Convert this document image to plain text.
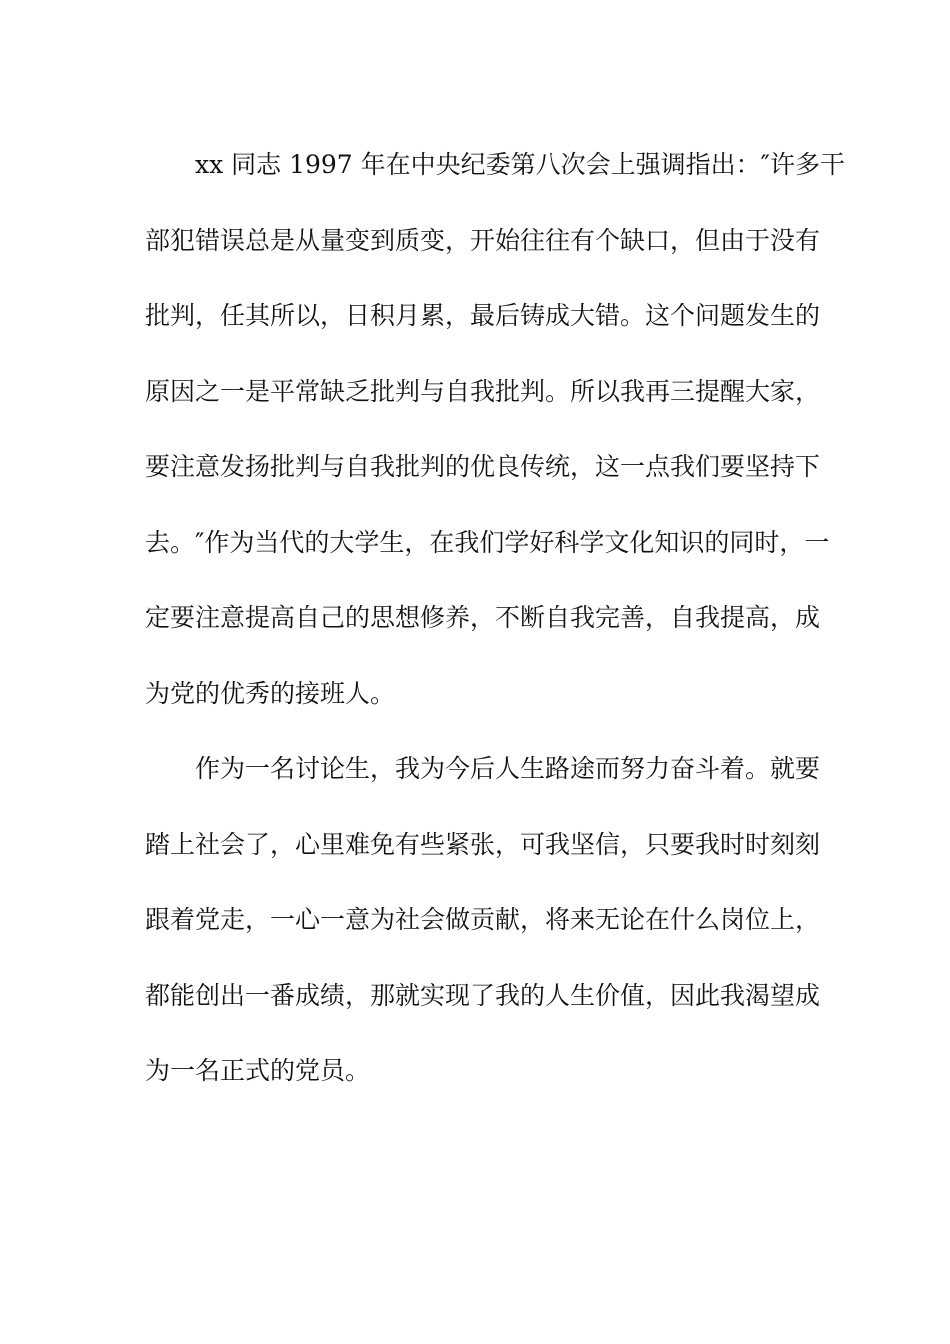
xx 同志 1997 年在中央纪委第八次会上强调指出：″许多干
部犯错误总是从量变到质变，开始往往有个缺口，但由于没有
批判，任其所以，日积月累，最后铸成大错。这个问题发生的
原因之一是平常缺乏批判与自我批判。所以我再三提醒大家，
要注意发扬批判与自我批判的优良传统，这一点我们要坚持下
去。″作为当代的大学生，在我们学好科学文化知识的同时，一
定要注意提高自己的思想修养，不断自我完善，自我提高，成
为党的优秀的接班人。
作为一名讨论生，我为今后人生路途而努力奋斗着。就要
踏上社会了，心里难免有些紧张，可我坚信，只要我时时刻刻
跟着党走，一心一意为社会做贡献，将来无论在什么岗位上，
都能创出一番成绩，那就实现了我的人生价值，因此我渴望成
为一名正式的党员。
